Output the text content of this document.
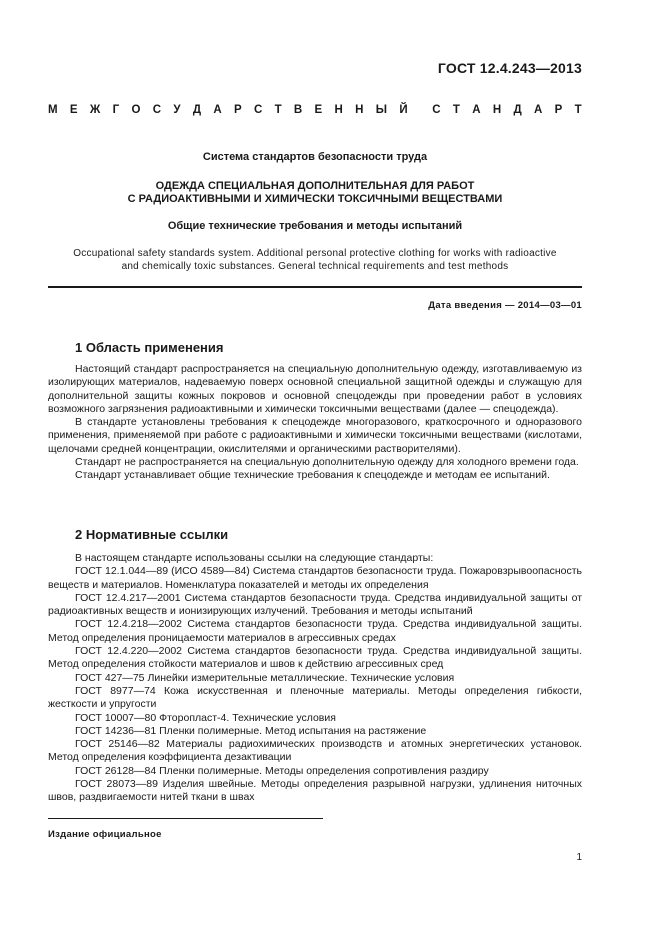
ГОСТ 12.4.243—2013
М Е Ж Г О С У Д А Р С Т В Е Н Н Ы Й С Т А Н Д А Р Т
Система стандартов безопасности труда
ОДЕЖДА СПЕЦИАЛЬНАЯ ДОПОЛНИТЕЛЬНАЯ ДЛЯ РАБОТ
С РАДИОАКТИВНЫМИ И ХИМИЧЕСКИ ТОКСИЧНЫМИ ВЕЩЕСТВАМИ
Общие технические требования и методы испытаний
Occupational safety standards system. Additional personal protective clothing for works with radioactive
and chemically toxic substances. General technical requirements and test methods
Дата введения — 2014—03—01
1 Область применения

Настоящий стандарт распространяется на специальную дополнительную одежду, изготавливаемую из изолирующих материалов, надеваемую поверх основной специальной защитной одежды и служащую для дополнительной защиты кожных покровов и основной спецодежды при проведении работ в условиях возможного загрязнения радиоактивными и химически токсичными веществами (далее — спецодежда).

В стандарте установлены требования к спецодежде многоразового, краткосрочного и одноразового применения, применяемой при работе с радиоактивными и химически токсичными веществами (кислотами, щелочами средней концентрации, окислителями и органическими растворителями).

Стандарт не распространяется на специальную дополнительную одежду для холодного времени года.

Стандарт устанавливает общие технические требования к спецодежде и методам ее испытаний.

2 Нормативные ссылки

В настоящем стандарте использованы ссылки на следующие стандарты:

ГОСТ 12.1.044—89 (ИСО 4589—84) Система стандартов безопасности труда. Пожаровзрывоопасность веществ и материалов. Номенклатура показателей и методы их определения

ГОСТ 12.4.217—2001 Система стандартов безопасности труда. Средства индивидуальной защиты от радиоактивных веществ и ионизирующих излучений. Требования и методы испытаний

ГОСТ 12.4.218—2002 Система стандартов безопасности труда. Средства индивидуальной защиты. Метод определения проницаемости материалов в агрессивных средах

ГОСТ 12.4.220—2002 Система стандартов безопасности труда. Средства индивидуальной защиты. Метод определения стойкости материалов и швов к действию агрессивных сред

ГОСТ 427—75 Линейки измерительные металлические. Технические условия

ГОСТ 8977—74 Кожа искусственная и пленочные материалы. Методы определения гибкости, жесткости и упругости

ГОСТ 10007—80 Фторопласт-4. Технические условия

ГОСТ 14236—81 Пленки полимерные. Метод испытания на растяжение

ГОСТ 25146—82 Материалы радиохимических производств и атомных энергетических установок. Метод определения коэффициента дезактивации

ГОСТ 26128—84 Пленки полимерные. Методы определения сопротивления раздиру

ГОСТ 28073—89 Изделия швейные. Методы определения разрывной нагрузки, удлинения ниточных швов, раздвигаемости нитей ткани в швах

Издание официальное
1
